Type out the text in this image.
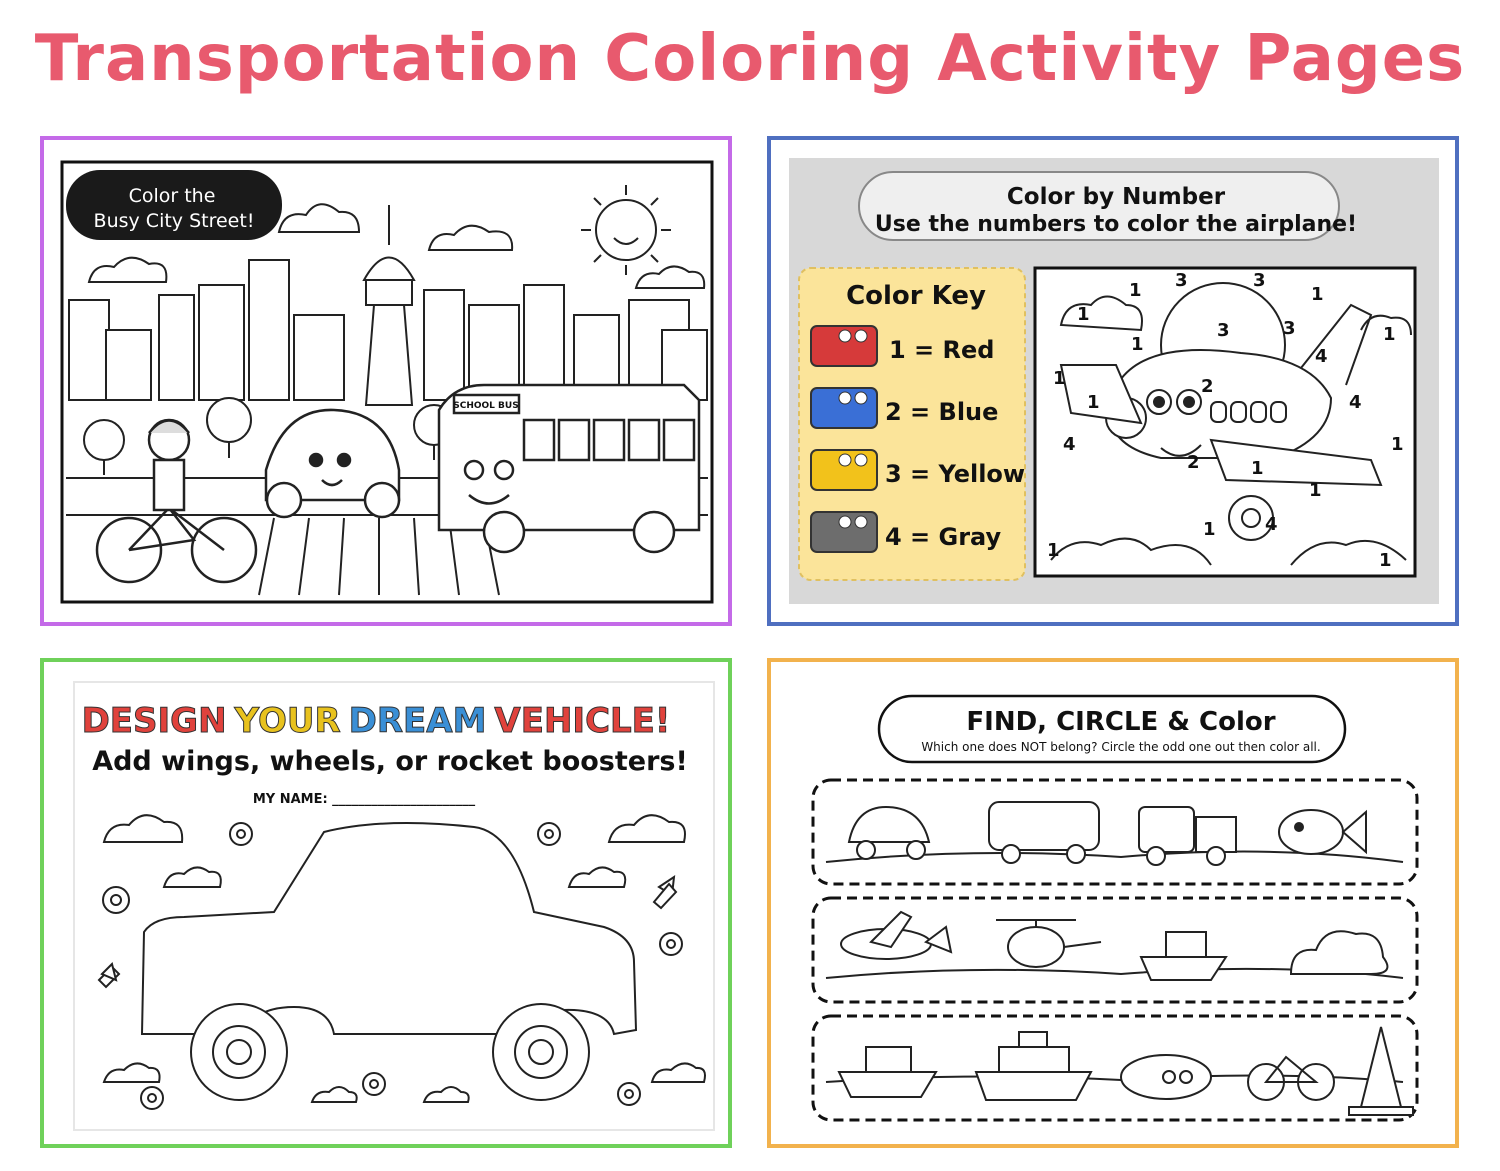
Transportation Coloring Activity Pages
Color the
Busy City Street!
SCHOOL BUS
Color by Number
Use the numbers to color the airplane!
Color Key
1 = Red
2 = Blue
3 = Yellow
4 = Gray
1
1
3	3
1
1
3	3
1
4
1	2
1	4
4	1
2	1
1
1
1
4
1
DESIGN YOUR DREAM VEHICLE!
Add wings, wheels, or rocket boosters!
MY NAME: ______________________
FIND, CIRCLE & Color
Which one does NOT belong? Circle the odd one out then color all.
